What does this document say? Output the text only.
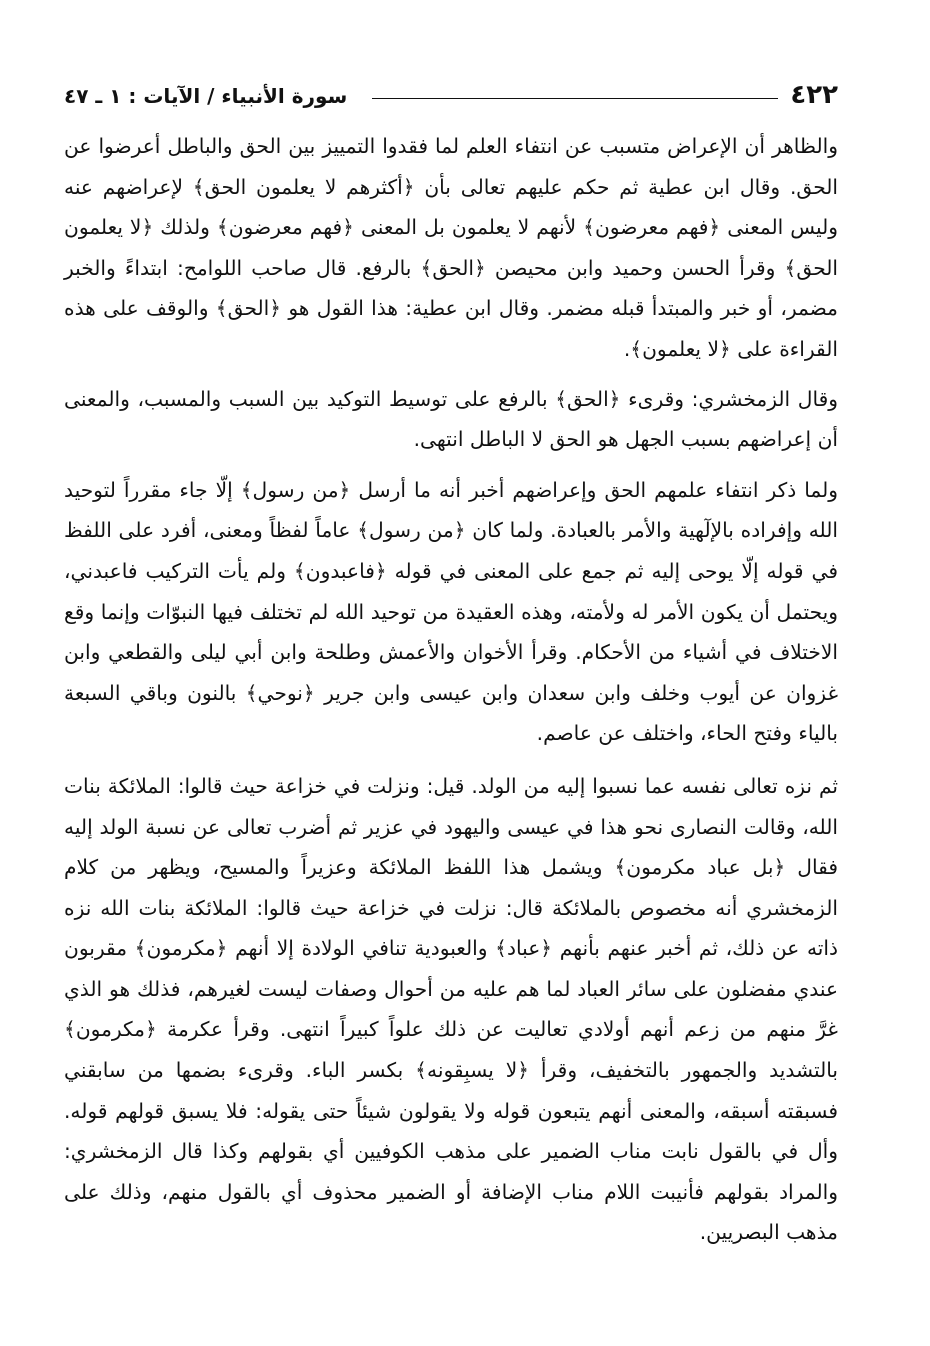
٤٢٢
سورة الأنبياء / الآيات : ١ ـ ٤٧

والظاهر أن الإعراض متسبب عن انتفاء العلم لما فقدوا التمييز بين الحق والباطل أعرضوا عن الحق. وقال ابن عطية ثم حكم عليهم تعالى بأن ﴿أكثرهم لا يعلمون الحق﴾ لإعراضهم عنه وليس المعنى ﴿فهم معرضون﴾ لأنهم لا يعلمون بل المعنى ﴿فهم معرضون﴾ ولذلك ﴿لا يعلمون الحق﴾ وقرأ الحسن وحميد وابن محيصن ﴿الحق﴾ بالرفع. قال صاحب اللوامح: ابتداءً والخبر مضمر، أو خبر والمبتدأ قبله مضمر. وقال ابن عطية: هذا القول هو ﴿الحق﴾ والوقف على هذه القراءة على ﴿لا يعلمون﴾.

وقال الزمخشري: وقرىء ﴿الحق﴾ بالرفع على توسيط التوكيد بين السبب والمسبب، والمعنى أن إعراضهم بسبب الجهل هو الحق لا الباطل انتهى.

ولما ذكر انتفاء علمهم الحق وإعراضهم أخبر أنه ما أرسل ﴿من رسول﴾ إلّا جاء مقرراً لتوحيد الله وإفراده بالإلٓهية والأمر بالعبادة. ولما كان ﴿من رسول﴾ عاماً لفظاً ومعنى، أفرد على اللفظ في قوله إلّا يوحى إليه ثم جمع على المعنى في قوله ﴿فاعبدون﴾ ولم يأت التركيب فاعبدني، ويحتمل أن يكون الأمر له ولأمته، وهذه العقيدة من توحيد الله لم تختلف فيها النبوّات وإنما وقع الاختلاف في أشياء من الأحكام. وقرأ الأخوان والأعمش وطلحة وابن أبي ليلى والقطعي وابن غزوان عن أيوب وخلف وابن سعدان وابن عيسى وابن جرير ﴿نوحي﴾ بالنون وباقي السبعة بالياء وفتح الحاء، واختلف عن عاصم.

ثم نزه تعالى نفسه عما نسبوا إليه من الولد. قيل: ونزلت في خزاعة حيث قالوا: الملائكة بنات الله، وقالت النصارى نحو هذا في عيسى واليهود في عزير ثم أضرب تعالى عن نسبة الولد إليه فقال ﴿بل عباد مكرمون﴾ ويشمل هذا اللفظ الملائكة وعزيراً والمسيح، ويظهر من كلام الزمخشري أنه مخصوص بالملائكة قال: نزلت في خزاعة حيث قالوا: الملائكة بنات الله نزه ذاته عن ذلك، ثم أخبر عنهم بأنهم ﴿عباد﴾ والعبودية تنافي الولادة إلا أنهم ﴿مكرمون﴾ مقربون عندي مفضلون على سائر العباد لما هم عليه من أحوال وصفات ليست لغيرهم، فذلك هو الذي غرَّ منهم من زعم أنهم أولادي تعاليت عن ذلك علواً كبيراً انتهى. وقرأ عكرمة ﴿مكرمون﴾ بالتشديد والجمهور بالتخفيف، وقرأ ﴿لا يسبِقونه﴾ بكسر الباء. وقرىء بضمها من سابقني فسبقته أسبقه، والمعنى أنهم يتبعون قوله ولا يقولون شيئاً حتى يقوله: فلا يسبق قولهم قوله. وأل في بالقول نابت مناب الضمير على مذهب الكوفيين أي بقولهم وكذا قال الزمخشري: والمراد بقولهم فأنيبت اللام مناب الإضافة أو الضمير محذوف أي بالقول منهم، وذلك على مذهب البصريين.
